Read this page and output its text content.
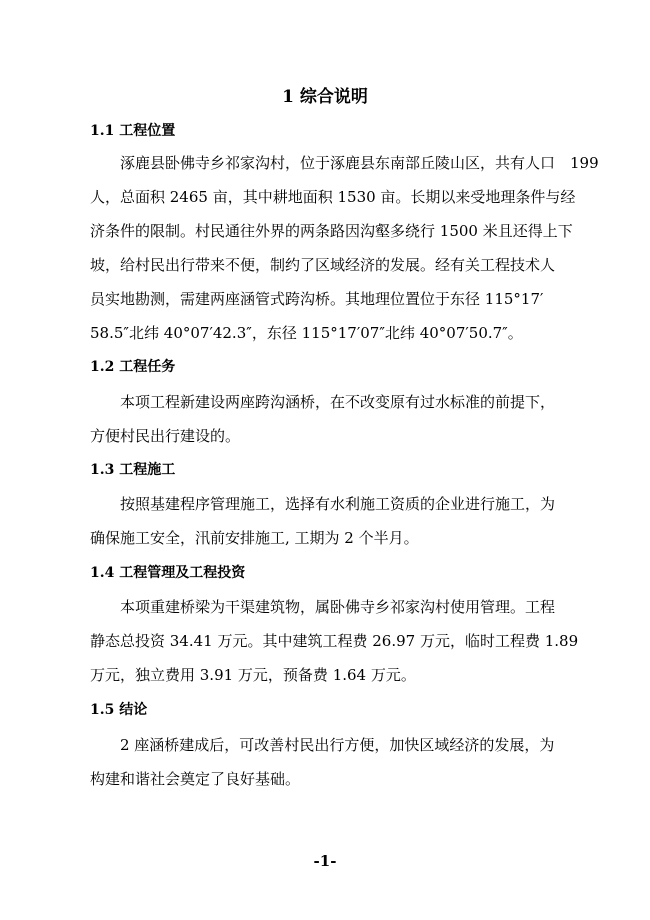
1 综合说明
1.1 工程位置
涿鹿县卧佛寺乡祁家沟村，位于涿鹿县东南部丘陵山区，共有人口　199
人，总面积 2465 亩，其中耕地面积 1530 亩。长期以来受地理条件与经
济条件的限制。村民通往外界的两条路因沟壑多绕行 1500 米且还得上下
坡，给村民出行带来不便，制约了区域经济的发展。经有关工程技术人
员实地勘测，需建两座涵管式跨沟桥。其地理位置位于东径 115°17′
58.5″北纬 40°07′42.3″，东径 115°17′07″北纬 40°07′50.7″。
1.2 工程任务
本项工程新建设两座跨沟涵桥，在不改变原有过水标准的前提下，
方便村民出行建设的。
1.3 工程施工
按照基建程序管理施工，选择有水利施工资质的企业进行施工，为
确保施工安全，汛前安排施工, 工期为 2 个半月。
1.4 工程管理及工程投资
本项重建桥梁为干渠建筑物，属卧佛寺乡祁家沟村使用管理。工程
静态总投资 34.41 万元。其中建筑工程费 26.97 万元，临时工程费 1.89
万元，独立费用 3.91 万元，预备费 1.64 万元。
1.5 结论
2 座涵桥建成后，可改善村民出行方便，加快区域经济的发展，为
构建和谐社会奠定了良好基础。
-1-
